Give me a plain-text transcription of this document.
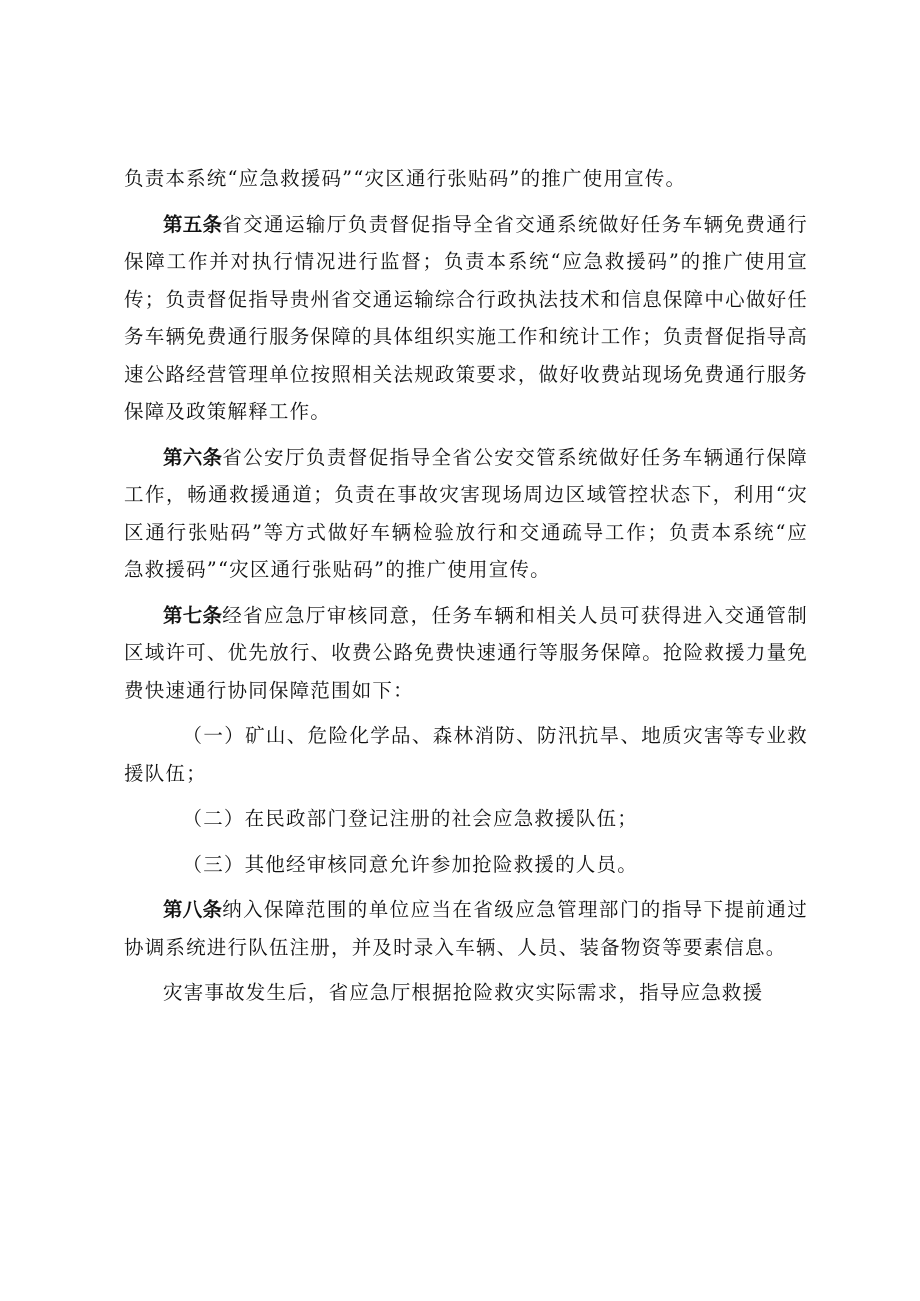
负责本系统“应急救援码”“灾区通行张贴码”的推广使用宣传。

第五条省交通运输厅负责督促指导全省交通系统做好任务车辆免费通行保障工作并对执行情况进行监督；负责本系统“应急救援码”的推广使用宣传；负责督促指导贵州省交通运输综合行政执法技术和信息保障中心做好任务车辆免费通行服务保障的具体组织实施工作和统计工作；负责督促指导高速公路经营管理单位按照相关法规政策要求，做好收费站现场免费通行服务保障及政策解释工作。

第六条省公安厅负责督促指导全省公安交管系统做好任务车辆通行保障工作，畅通救援通道；负责在事故灾害现场周边区域管控状态下，利用“灾区通行张贴码”等方式做好车辆检验放行和交通疏导工作；负责本系统“应急救援码”“灾区通行张贴码”的推广使用宣传。

第七条经省应急厅审核同意，任务车辆和相关人员可获得进入交通管制区域许可、优先放行、收费公路免费快速通行等服务保障。抢险救援力量免费快速通行协同保障范围如下：

（一）矿山、危险化学品、森林消防、防汛抗旱、地质灾害等专业救援队伍；

（二）在民政部门登记注册的社会应急救援队伍；

（三）其他经审核同意允许参加抢险救援的人员。

第八条纳入保障范围的单位应当在省级应急管理部门的指导下提前通过协调系统进行队伍注册，并及时录入车辆、人员、装备物资等要素信息。

灾害事故发生后，省应急厅根据抢险救灾实际需求，指导应急救援
